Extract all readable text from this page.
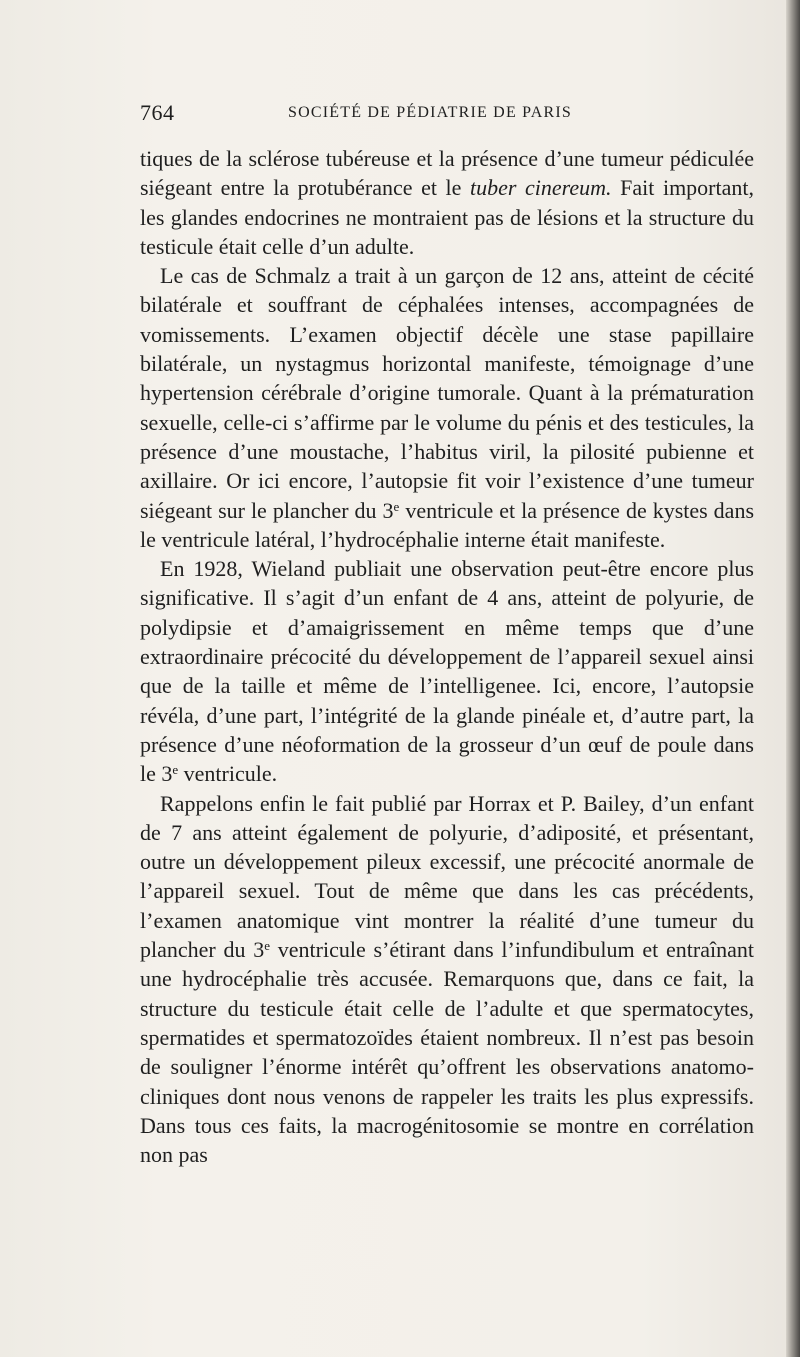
764	SOCIÉTÉ DE PÉDIATRIE DE PARIS

tiques de la sclérose tubéreuse et la présence d’une tumeur pédiculée siégeant entre la protubérance et le tuber cinereum. Fait important, les glandes endocrines ne montraient pas de lésions et la structure du testicule était celle d’un adulte.

Le cas de Schmalz a trait à un garçon de 12 ans, atteint de cécité bilatérale et souffrant de céphalées intenses, accompagnées de vomissements. L’examen objectif décèle une stase papillaire bilatérale, un nystagmus horizontal manifeste, témoignage d’une hypertension cérébrale d’origine tumorale. Quant à la prématuration sexuelle, celle-ci s’affirme par le volume du pénis et des testicules, la présence d’une moustache, l’habitus viril, la pilosité pubienne et axillaire. Or ici encore, l’autopsie fit voir l’existence d’une tumeur siégeant sur le plancher du 3e ventricule et la présence de kystes dans le ventricule latéral, l’hydrocéphalie interne était manifeste.

En 1928, Wieland publiait une observation peut-être encore plus significative. Il s’agit d’un enfant de 4 ans, atteint de polyurie, de polydipsie et d’amaigrissement en même temps que d’une extraordinaire précocité du développement de l’appareil sexuel ainsi que de la taille et même de l’intelligenee. Ici, encore, l’autopsie révéla, d’une part, l’intégrité de la glande pinéale et, d’autre part, la présence d’une néoformation de la grosseur d’un œuf de poule dans le 3e ventricule.

Rappelons enfin le fait publié par Horrax et P. Bailey, d’un enfant de 7 ans atteint également de polyurie, d’adiposité, et présentant, outre un développement pileux excessif, une précocité anormale de l’appareil sexuel. Tout de même que dans les cas précédents, l’examen anatomique vint montrer la réalité d’une tumeur du plancher du 3e ventricule s’étirant dans l’infundibulum et entraînant une hydrocéphalie très accusée. Remarquons que, dans ce fait, la structure du testicule était celle de l’adulte et que spermatocytes, spermatides et spermatozoïdes étaient nombreux. Il n’est pas besoin de souligner l’énorme intérêt qu’offrent les observations anatomo-cliniques dont nous venons de rappeler les traits les plus expressifs. Dans tous ces faits, la macrogénitosomie se montre en corrélation non pas
